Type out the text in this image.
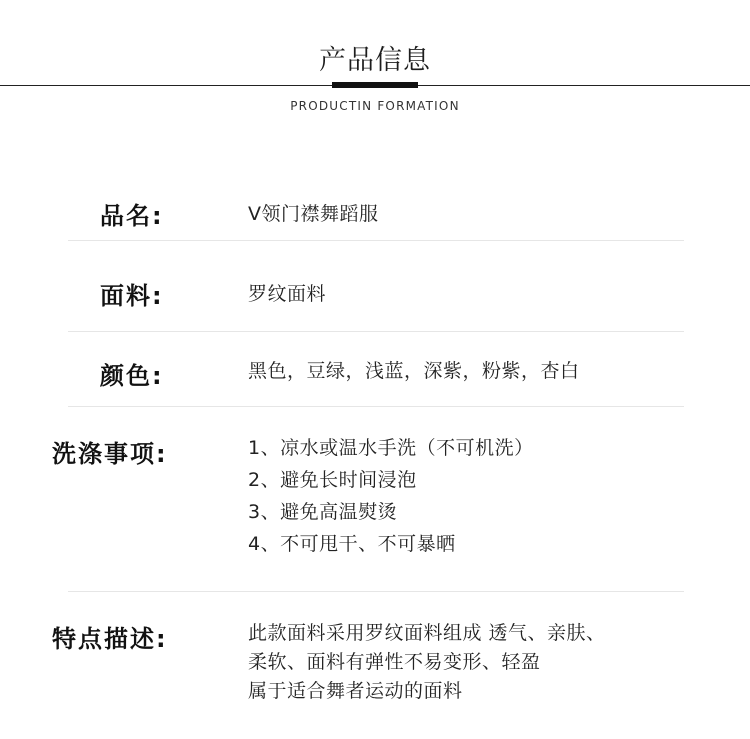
产品信息
PRODUCTIN FORMATION
品名:	V领门襟舞蹈服
面料:	罗纹面料
颜色:	黑色，豆绿，浅蓝，深紫，粉紫，杏白
洗涤事项:	1、凉水或温水手洗（不可机洗）
2、避免长时间浸泡
3、避免高温熨烫
4、不可甩干、不可暴晒
特点描述:	此款面料采用罗纹面料组成 透气、亲肤、
柔软、面料有弹性不易变形、轻盈
属于适合舞者运动的面料
